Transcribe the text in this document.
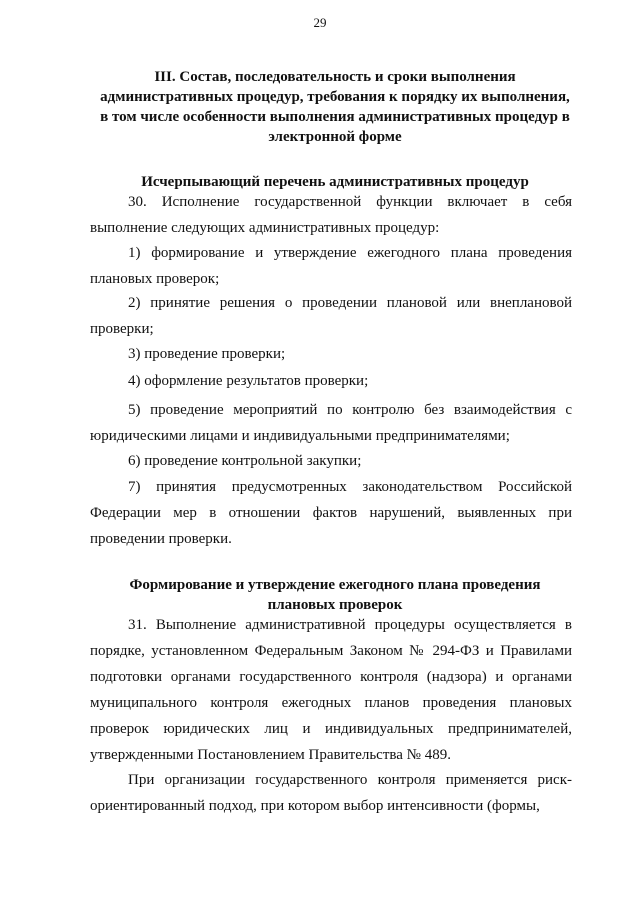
29
III. Состав, последовательность и сроки выполнения
административных процедур, требования к порядку их выполнения,
в том числе особенности выполнения административных процедур в
электронной форме
Исчерпывающий перечень административных процедур
30. Исполнение государственной функции включает в себя выполнение следующих административных процедур:
1) формирование и утверждение ежегодного плана проведения плановых проверок;
2) принятие решения о проведении плановой или внеплановой проверки;
3) проведение проверки;
4) оформление результатов проверки;
5) проведение мероприятий по контролю без взаимодействия с юридическими лицами и индивидуальными предпринимателями;
6) проведение контрольной закупки;
7) принятия предусмотренных законодательством Российской Федерации мер в отношении фактов нарушений, выявленных при проведении проверки.
Формирование и утверждение ежегодного плана проведения
плановых проверок
31. Выполнение административной процедуры осуществляется в порядке, установленном Федеральным Законом № 294-ФЗ и Правилами подготовки органами государственного контроля (надзора) и органами муниципального контроля ежегодных планов проведения плановых проверок юридических лиц и индивидуальных предпринимателей, утвержденными Постановлением Правительства № 489.
При организации государственного контроля применяется риск-ориентированный подход, при котором выбор интенсивности (формы,
